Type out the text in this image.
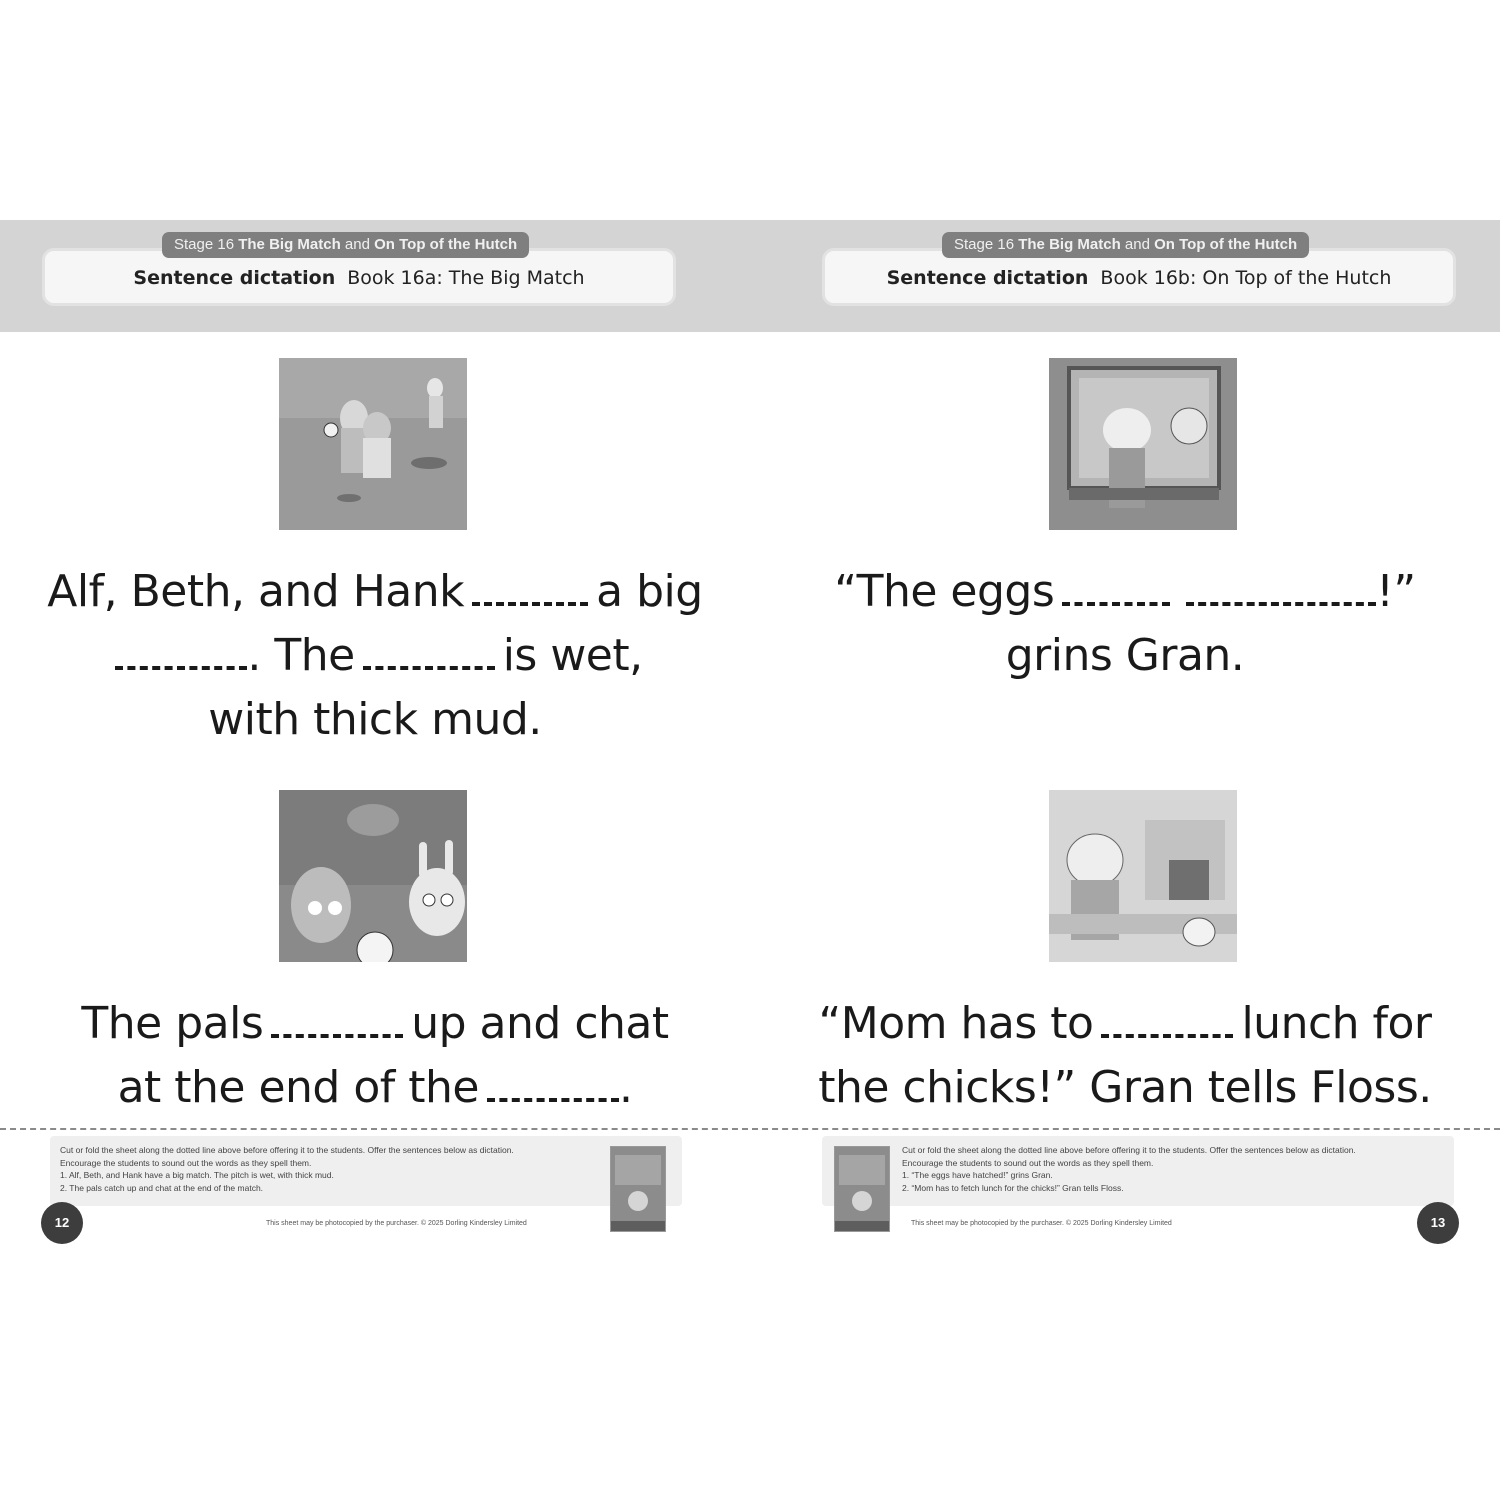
Sentence dictation Book 16a: The Big Match
Stage 16 The Big Match and On Top of the Hutch
Alf, Beth, and Hank	a big
. The	is wet,
with thick mud.
The pals	up and chat
at the end of the	.
Cut or fold the sheet along the dotted line above before offering it to the students. Offer the sentences below as dictation.
Encourage the students to sound out the words as they spell them.
1. Alf, Beth, and Hank have a big match. The pitch is wet, with thick mud.
2. The pals catch up and chat at the end of the match.
12	This sheet may be photocopied by the purchaser. © 2025 Dorling Kindersley Limited
Sentence dictation Book 16b: On Top of the Hutch
Stage 16 The Big Match and On Top of the Hutch
“The eggs	!”
grins Gran.
“Mom has to	lunch for
the chicks!” Gran tells Floss.
Cut or fold the sheet along the dotted line above before offering it to the students. Offer the sentences below as dictation.
Encourage the students to sound out the words as they spell them.
1. “The eggs have hatched!” grins Gran.
2. “Mom has to fetch lunch for the chicks!” Gran tells Floss.
13
This sheet may be photocopied by the purchaser. © 2025 Dorling Kindersley Limited
